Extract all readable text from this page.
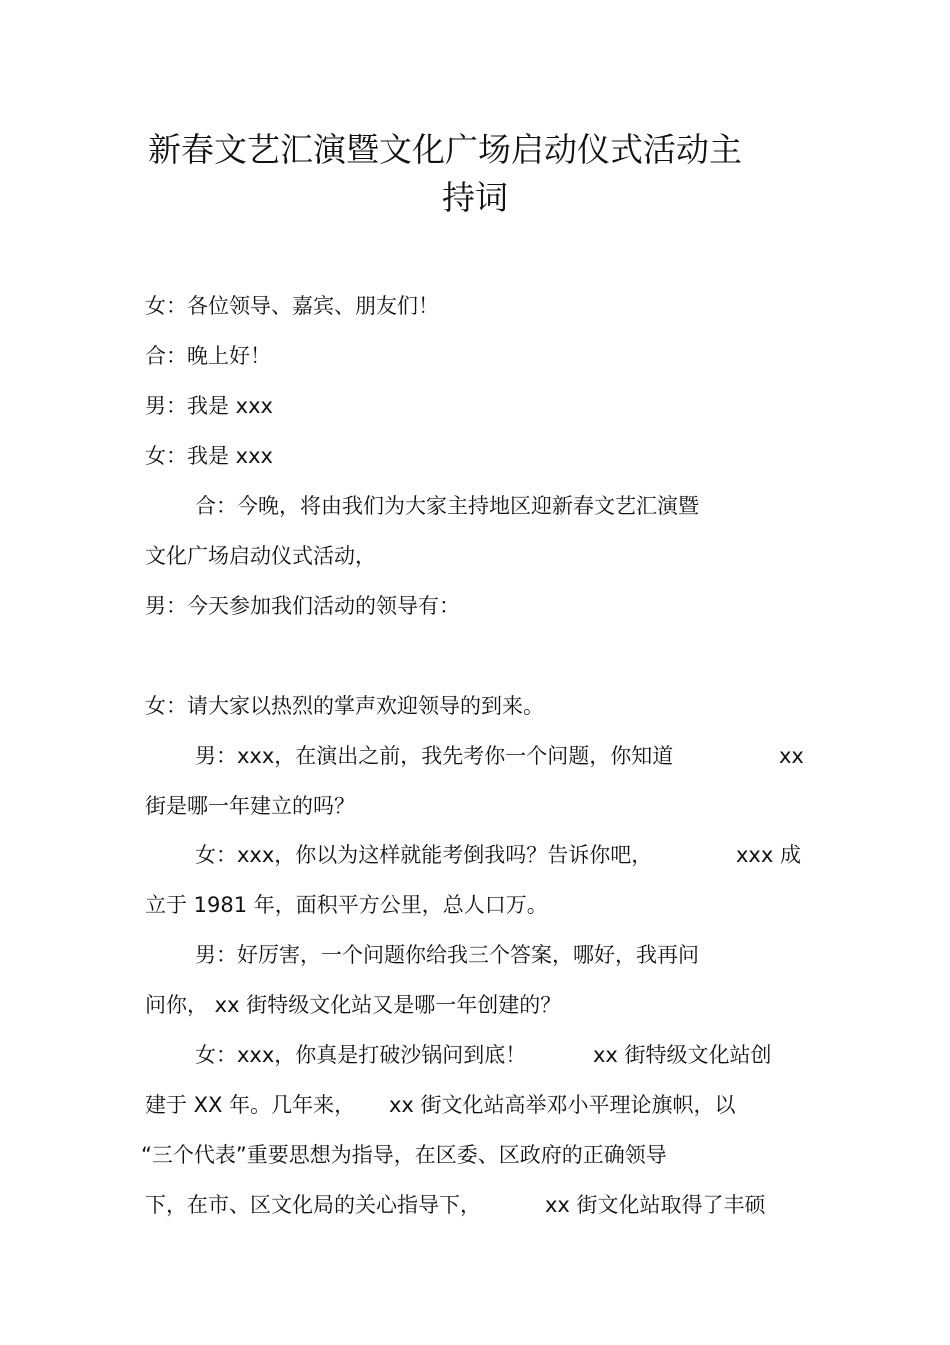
新春文艺汇演暨文化广场启动仪式活动主
持词
女：各位领导、嘉宾、朋友们！
合：晚上好！
男：我是 xxx
女：我是 xxx
合：今晚，将由我们为大家主持地区迎新春文艺汇演暨
文化广场启动仪式活动，
男：今天参加我们活动的领导有：
女：请大家以热烈的掌声欢迎领导的到来。
男：xxx，在演出之前，我先考你一个问题，你知道	xx
街是哪一年建立的吗？
女：xxx，你以为这样就能考倒我吗？告诉你吧，	xxx 成
立于 1981 年，面积平方公里，总人口万。
男：好厉害，一个问题你给我三个答案，哪好，我再问
问你， xx 街特级文化站又是哪一年创建的？
女：xxx，你真是打破沙锅问到底！	xx 街特级文化站创
建于 XX 年。几年来， xx 街文化站高举邓小平理论旗帜，以
“三个代表”重要思想为指导，在区委、区政府的正确领导
下，在市、区文化局的关心指导下，	xx 街文化站取得了丰硕
